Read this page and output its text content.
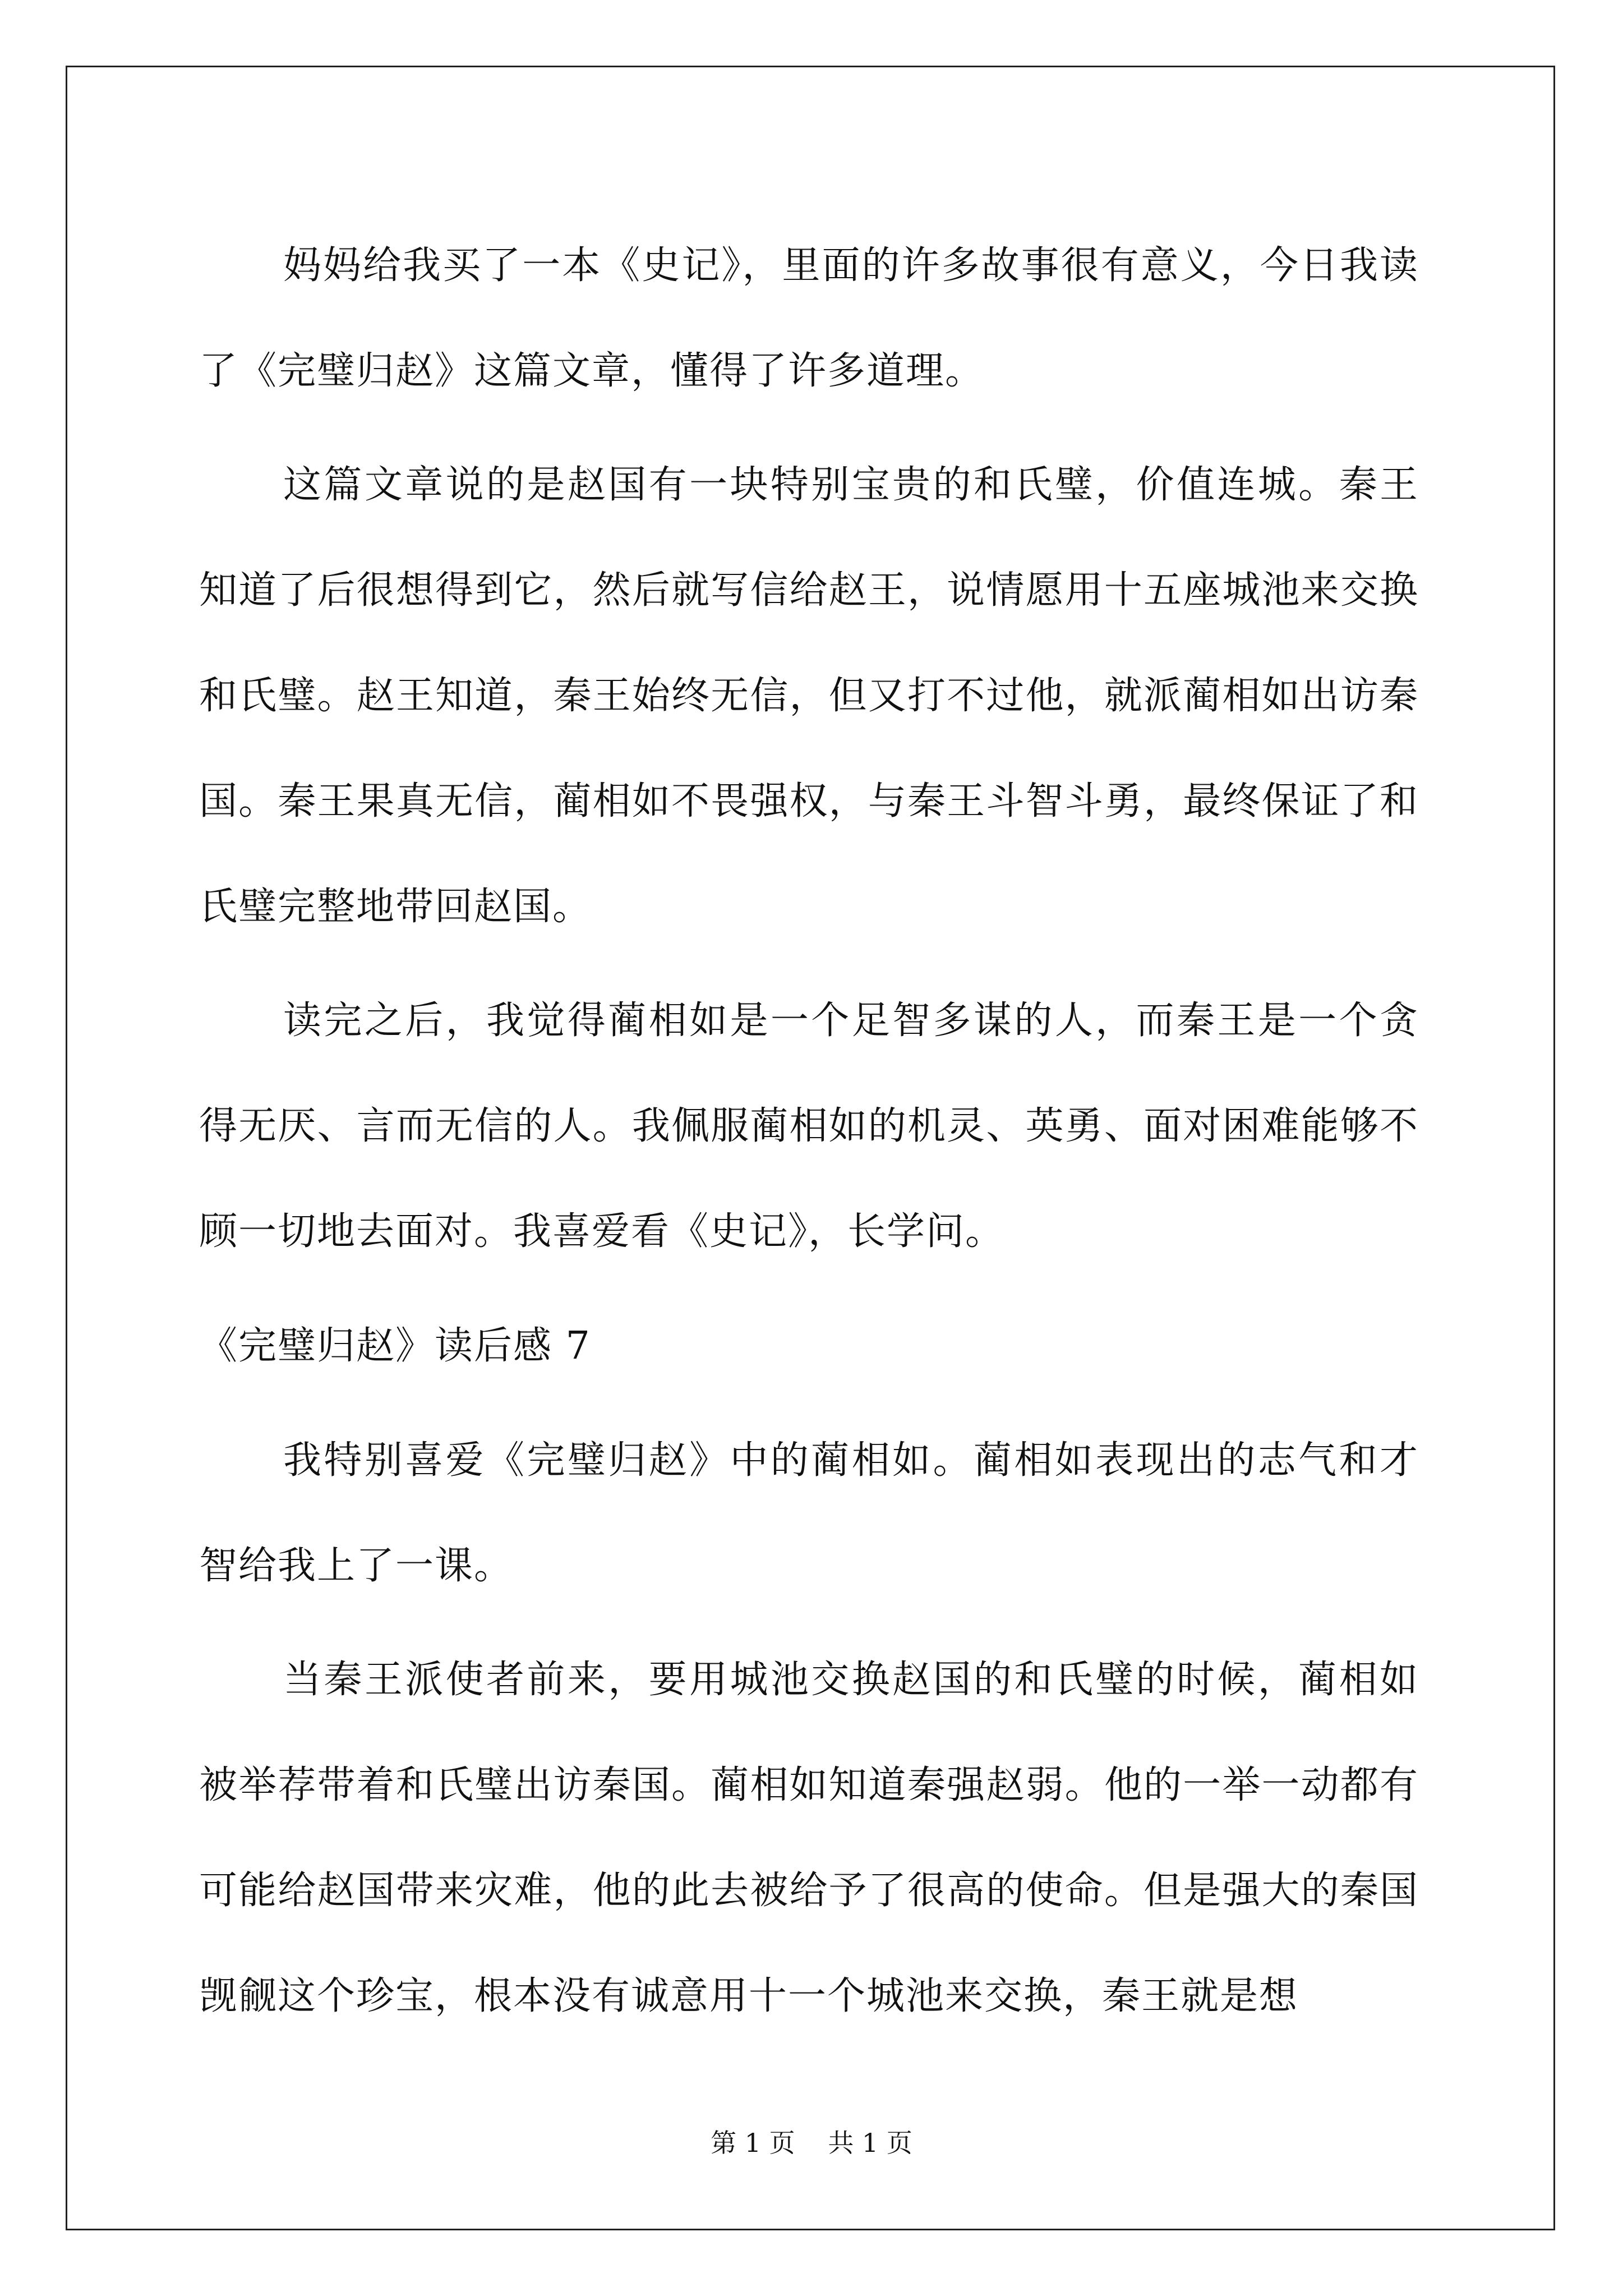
妈妈给我买了一本《史记》，里面的许多故事很有意义，今日我读了《完璧归赵》这篇文章，懂得了许多道理。

这篇文章说的是赵国有一块特别宝贵的和氏璧，价值连城。秦王知道了后很想得到它，然后就写信给赵王，说情愿用十五座城池来交换和氏璧。赵王知道，秦王始终无信，但又打不过他，就派蔺相如出访秦国。秦王果真无信，蔺相如不畏强权，与秦王斗智斗勇，最终保证了和氏璧完整地带回赵国。

读完之后，我觉得蔺相如是一个足智多谋的人，而秦王是一个贪得无厌、言而无信的人。我佩服蔺相如的机灵、英勇、面对困难能够不顾一切地去面对。我喜爱看《史记》，长学问。

《完璧归赵》读后感 7

我特别喜爱《完璧归赵》中的蔺相如。蔺相如表现出的志气和才智给我上了一课。

当秦王派使者前来，要用城池交换赵国的和氏璧的时候，蔺相如被举荐带着和氏璧出访秦国。蔺相如知道秦强赵弱。他的一举一动都有可能给赵国带来灾难，他的此去被给予了很高的使命。但是强大的秦国觊觎这个珍宝，根本没有诚意用十一个城池来交换，秦王就是想

第 1 页 共 1 页
